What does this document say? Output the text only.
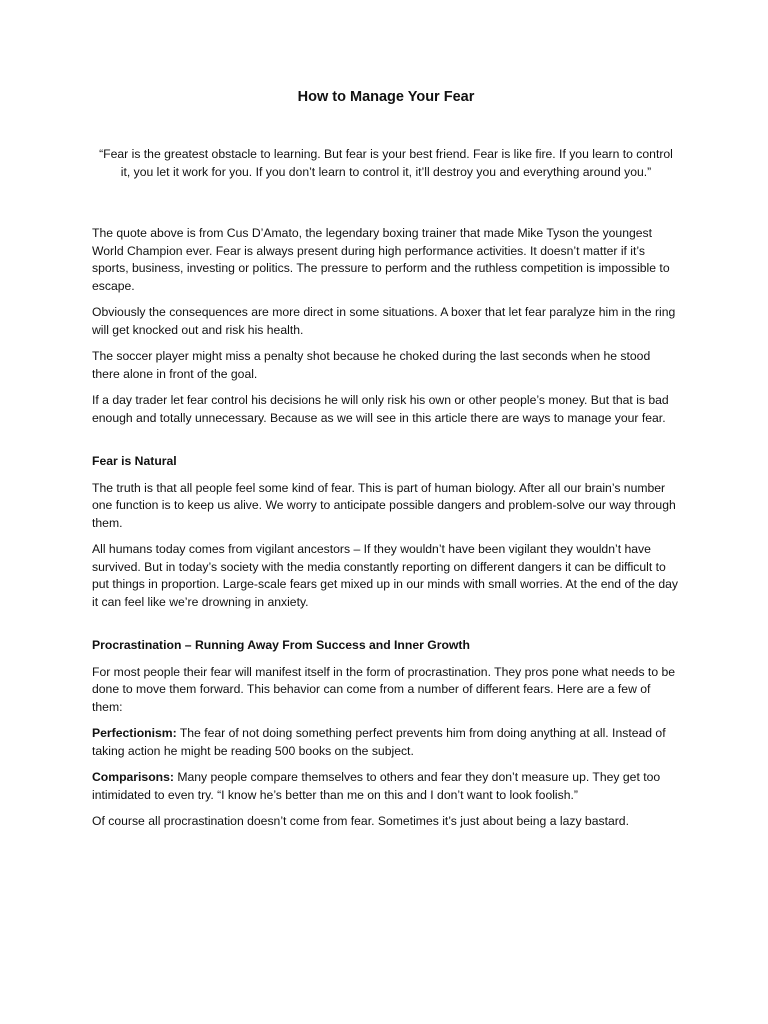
How to Manage Your Fear

“Fear is the greatest obstacle to learning. But fear is your best friend. Fear is like fire. If you learn to control it, you let it work for you. If you don’t learn to control it, it’ll destroy you and everything around you.”

The quote above is from Cus D’Amato, the legendary boxing trainer that made Mike Tyson the youngest World Champion ever. Fear is always present during high performance activities. It doesn’t matter if it’s sports, business, investing or politics. The pressure to perform and the ruthless competition is impossible to escape.

Obviously the consequences are more direct in some situations. A boxer that let fear paralyze him in the ring will get knocked out and risk his health.

The soccer player might miss a penalty shot because he choked during the last seconds when he stood there alone in front of the goal.

If a day trader let fear control his decisions he will only risk his own or other people’s money. But that is bad enough and totally unnecessary. Because as we will see in this article there are ways to manage your fear.

Fear is Natural

The truth is that all people feel some kind of fear. This is part of human biology. After all our brain’s number one function is to keep us alive. We worry to anticipate possible dangers and problem-solve our way through them.

All humans today comes from vigilant ancestors – If they wouldn’t have been vigilant they wouldn’t have survived. But in today’s society with the media constantly reporting on different dangers it can be difficult to put things in proportion. Large-scale fears get mixed up in our minds with small worries. At the end of the day it can feel like we’re drowning in anxiety.

Procrastination – Running Away From Success and Inner Growth

For most people their fear will manifest itself in the form of procrastination. They pros pone what needs to be done to move them forward. This behavior can come from a number of different fears. Here are a few of them:

Perfectionism: The fear of not doing something perfect prevents him from doing anything at all. Instead of taking action he might be reading 500 books on the subject.

Comparisons: Many people compare themselves to others and fear they don’t measure up. They get too intimidated to even try. “I know he’s better than me on this and I don’t want to look foolish.”

Of course all procrastination doesn’t come from fear. Sometimes it’s just about being a lazy bastard.
